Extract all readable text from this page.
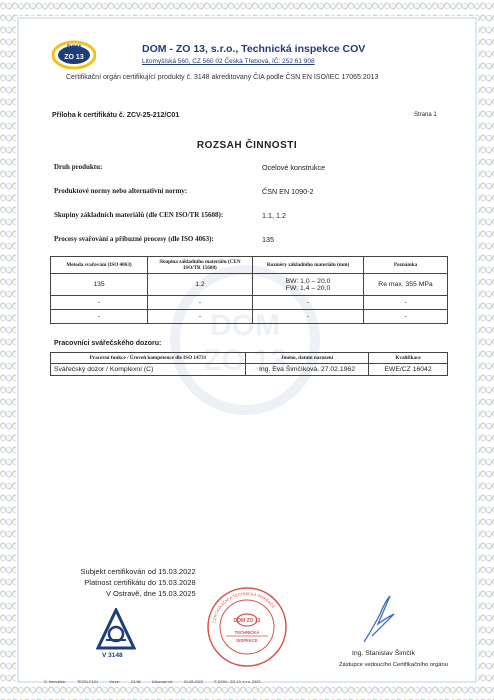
DOM
ZO 13
DOM
ZO 13
DOM - ZO 13, s.r.o., Technická inspekce COV
Litomyšlská 560, CZ 560 02 Česká Třebová, IČ: 252 61 908
Certifikační orgán certifikující produkty č. 3148 akreditovaný ČIA podle ČSN EN ISO/IEC 17065:2013
Příloha k certifikátu č. ZCV-25-212/C01	Strana 1
ROZSAH ČINNOSTI
Druh produktu:	Ocelové konstrukce
Produktové normy nebo alternativní normy:	ČSN EN 1090-2
Skupiny základních materiálů (dle CEN ISO/TR 15608):	1.1, 1.2
Procesy svařování a příbuzné procesy (dle ISO 4063):	135
Metoda svařování (ISO 4063)	Skupina základního materiálu (CEN ISO/TR 15608)	Rozměry základního materiálu (mm)	Poznámka
135	1.2	BW: 1,0 – 20,0
FW: 1,4 – 20,0	Re max. 355 MPa
-	-	-	-
-	-	-	-
Pracovníci svářečského dozoru:
Pracovní funkce / Úroveň kompetence dle ISO 14731	Jméno, datum narození	Kvalifikace
Svářečský dozor / Komplexní (C)	Ing. Eva Šimčíková, 27.02.1962	EWE/CZ 16042
Subjekt certifikován od 15.03.2022
Platnost certifikátu do 15.03.2028
V Ostravě, dne 15.03.2025
V 3148
DOM ZO 13
TECHNICKÁ
INSPEKCE
CERTIFIKAČNÍ A TECHNICKÁ INSPEKCE
Ing. Stanislav Šimčík
Zástupce vedoucího Certifikačního orgánu
Č. formuláře:	TE201-F101	Verze:	23-56	Účinnost od:	01.08.2023	© DOM - ZO 13, s.r.o. 2023
